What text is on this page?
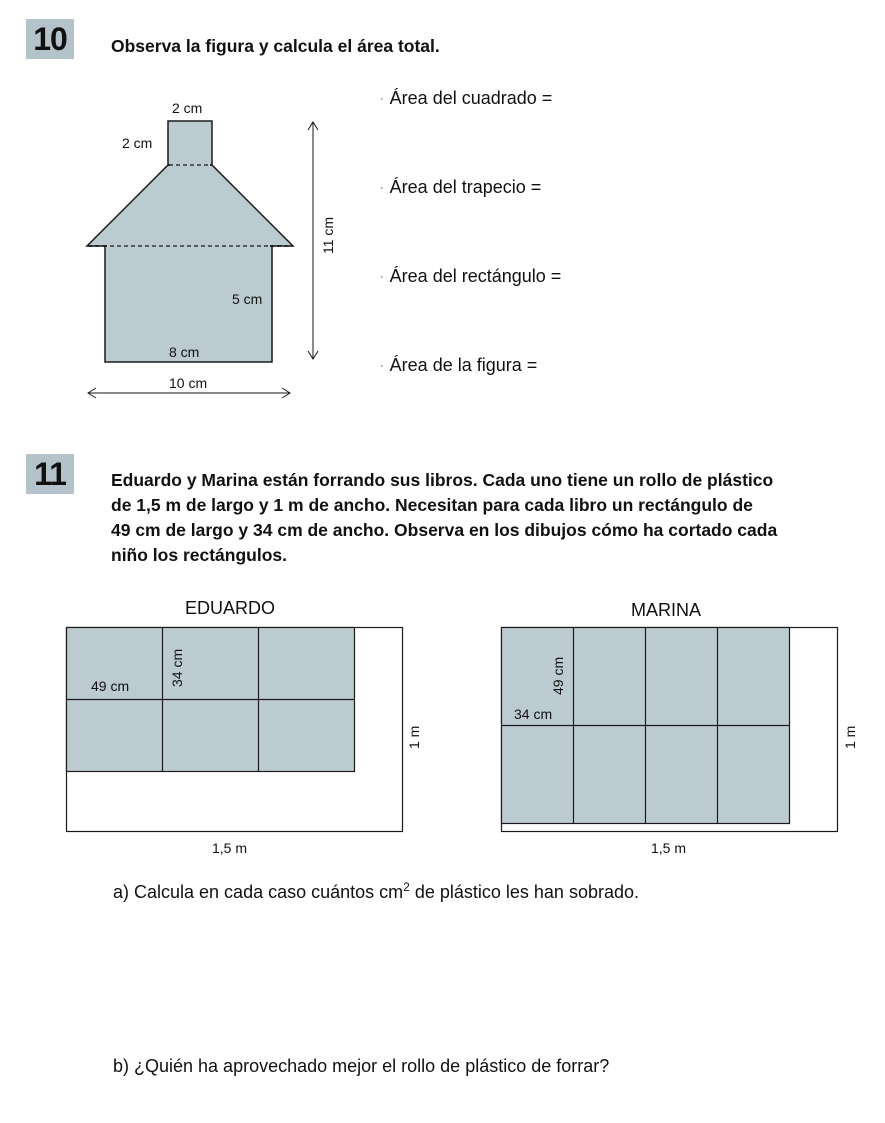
10	Observa la figura y calcula el área total.
2 cm
2 cm
5 cm
8 cm
10 cm
11 cm
· Área del cuadrado =
· Área del trapecio =
· Área del rectángulo =
· Área de la figura =
11	Eduardo y Marina están forrando sus libros. Cada uno tiene un rollo de plástico
de 1,5 m de largo y 1 m de ancho. Necesitan para cada libro un rectángulo de
49 cm de largo y 34 cm de ancho. Observa en los dibujos cómo ha cortado cada
niño los rectángulos.
EDUARDO	MARINA
49 cm	34 cm
1 m
1,5 m
34 cm
49 cm
1 m
1,5 m
a) Calcula en cada caso cuántos $cm^2$ de plástico les han sobrado.
b) ¿Quién ha aprovechado mejor el rollo de plástico de forrar?
